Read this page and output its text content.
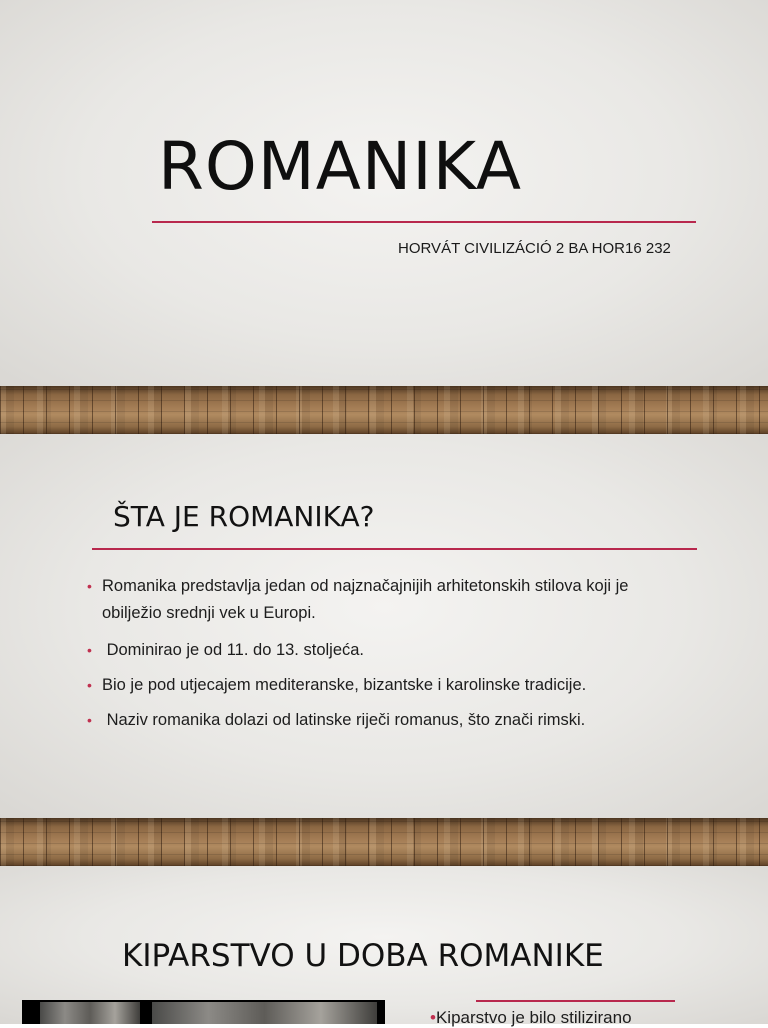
ROMANIKA
HORVÁT CIVILIZÁCIÓ 2 BA HOR16 232
ŠTA JE ROMANIKA?
• Romanika predstavlja jedan od najznačajnijih arhitetonskih stilova koji je obilježio srednji vek u Europi.
• Dominirao je od 11. do 13. stoljeća.
• Bio je pod utjecajem mediteranske, bizantske i karolinske tradicije.
• Naziv romanika dolazi od latinske riječi romanus, što znači rimski.
KIPARSTVO U DOBA ROMANIKE
•Kiparstvo je bilo stilizirano
